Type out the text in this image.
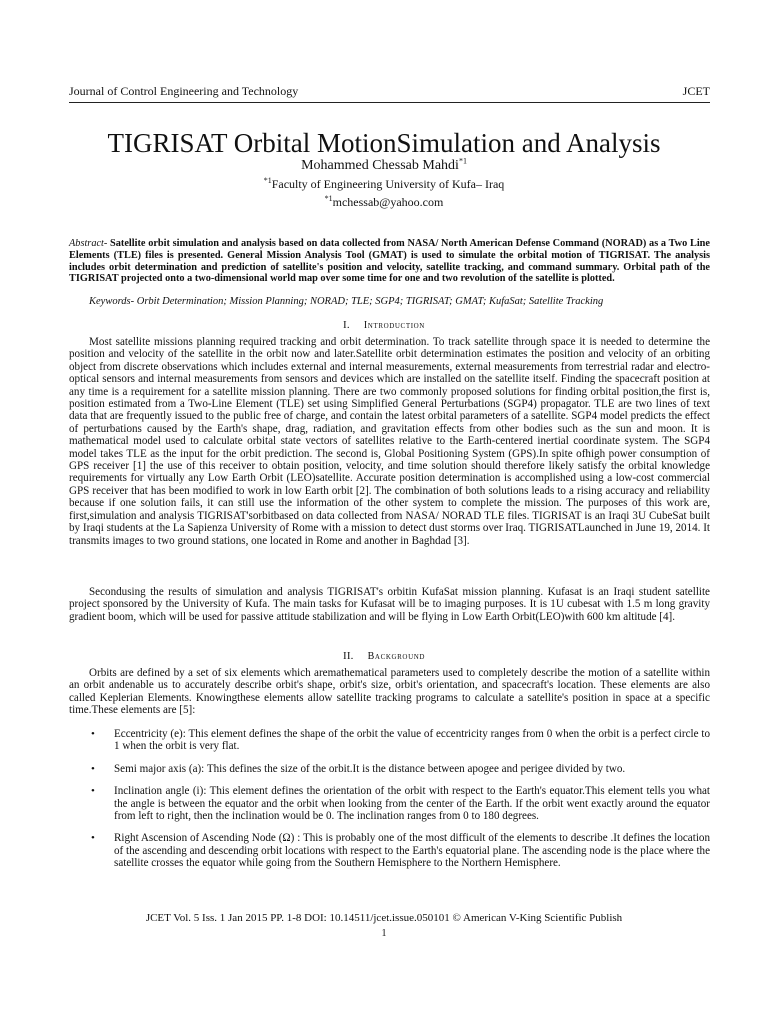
Journal of Control Engineering and Technology	JCET
TIGRISAT Orbital MotionSimulation and Analysis
Mohammed Chessab Mahdi$^{*1}$
$^{*1}$Faculty of Engineering University of Kufa– Iraq
$^{*1}$mchessab@yahoo.com
Abstract- Satellite orbit simulation and analysis based on data collected from NASA/ North American Defense Command (NORAD) as a Two Line Elements (TLE) files is presented. General Mission Analysis Tool (GMAT) is used to simulate the orbital motion of TIGRISAT. The analysis includes orbit determination and prediction of satellite's position and velocity, satellite tracking, and command summary. Orbital path of the TIGRISAT projected onto a two-dimensional world map over some time for one and two revolution of the satellite is plotted.
Keywords- Orbit Determination; Mission Planning; NORAD; TLE; SGP4; TIGRISAT; GMAT; KufaSat; Satellite Tracking
I. Introduction
Most satellite missions planning required tracking and orbit determination. To track satellite through space it is needed to determine the position and velocity of the satellite in the orbit now and later.Satellite orbit determination estimates the position and velocity of an orbiting object from discrete observations which includes external and internal measurements, external measurements from terrestrial radar and electro-optical sensors and internal measurements from sensors and devices which are installed on the satellite itself. Finding the spacecraft position at any time is a requirement for a satellite mission planning. There are two commonly proposed solutions for finding orbital position,the first is, position estimated from a Two-Line Element (TLE) set using Simplified General Perturbations (SGP4) propagator. TLE are two lines of text data that are frequently issued to the public free of charge, and contain the latest orbital parameters of a satellite. SGP4 model predicts the effect of perturbations caused by the Earth's shape, drag, radiation, and gravitation effects from other bodies such as the sun and moon. It is mathematical model used to calculate orbital state vectors of satellites relative to the Earth-centered inertial coordinate system. The SGP4 model takes TLE as the input for the orbit prediction. The second is, Global Positioning System (GPS).In spite ofhigh power consumption of GPS receiver [1] the use of this receiver to obtain position, velocity, and time solution should therefore likely satisfy the orbital knowledge requirements for virtually any Low Earth Orbit (LEO)satellite. Accurate position determination is accomplished using a low-cost commercial GPS receiver that has been modified to work in low Earth orbit [2]. The combination of both solutions leads to a rising accuracy and reliability because if one solution fails, it can still use the information of the other system to complete the mission. The purposes of this work are, first,simulation and analysis TIGRISAT'sorbitbased on data collected from NASA/ NORAD TLE files. TIGRISAT is an Iraqi 3U CubeSat built by Iraqi students at the La Sapienza University of Rome with a mission to detect dust storms over Iraq. TIGRISATLaunched in June 19, 2014. It transmits images to two ground stations, one located in Rome and another in Baghdad [3].
Secondusing the results of simulation and analysis TIGRISAT's orbitin KufaSat mission planning. Kufasat is an Iraqi student satellite project sponsored by the University of Kufa. The main tasks for Kufasat will be to imaging purposes. It is 1U cubesat with 1.5 m long gravity gradient boom, which will be used for passive attitude stabilization and will be flying in Low Earth Orbit(LEO)with 600 km altitude [4].
II. Background
Orbits are defined by a set of six elements which aremathematical parameters used to completely describe the motion of a satellite within an orbit andenable us to accurately describe orbit's shape, orbit's size, orbit's orientation, and spacecraft's location. These elements are also called Keplerian Elements. Knowingthese elements allow satellite tracking programs to calculate a satellite's position in space at a specific time.These elements are [5]:
• Eccentricity (e): This element defines the shape of the orbit the value of eccentricity ranges from 0 when the orbit is a perfect circle to 1 when the orbit is very flat.
• Semi major axis (a): This defines the size of the orbit.It is the distance between apogee and perigee divided by two.
• Inclination angle (i): This element defines the orientation of the orbit with respect to the Earth's equator.This element tells you what the angle is between the equator and the orbit when looking from the center of the Earth. If the orbit went exactly around the equator from left to right, then the inclination would be 0. The inclination ranges from 0 to 180 degrees.
• Right Ascension of Ascending Node (Ω) : This is probably one of the most difficult of the elements to describe .It defines the location of the ascending and descending orbit locations with respect to the Earth's equatorial plane. The ascending node is the place where the satellite crosses the equator while going from the Southern Hemisphere to the Northern Hemisphere.
JCET Vol. 5 Iss. 1 Jan 2015 PP. 1-8 DOI: 10.14511/jcet.issue.050101 © American V-King Scientific Publish
1
